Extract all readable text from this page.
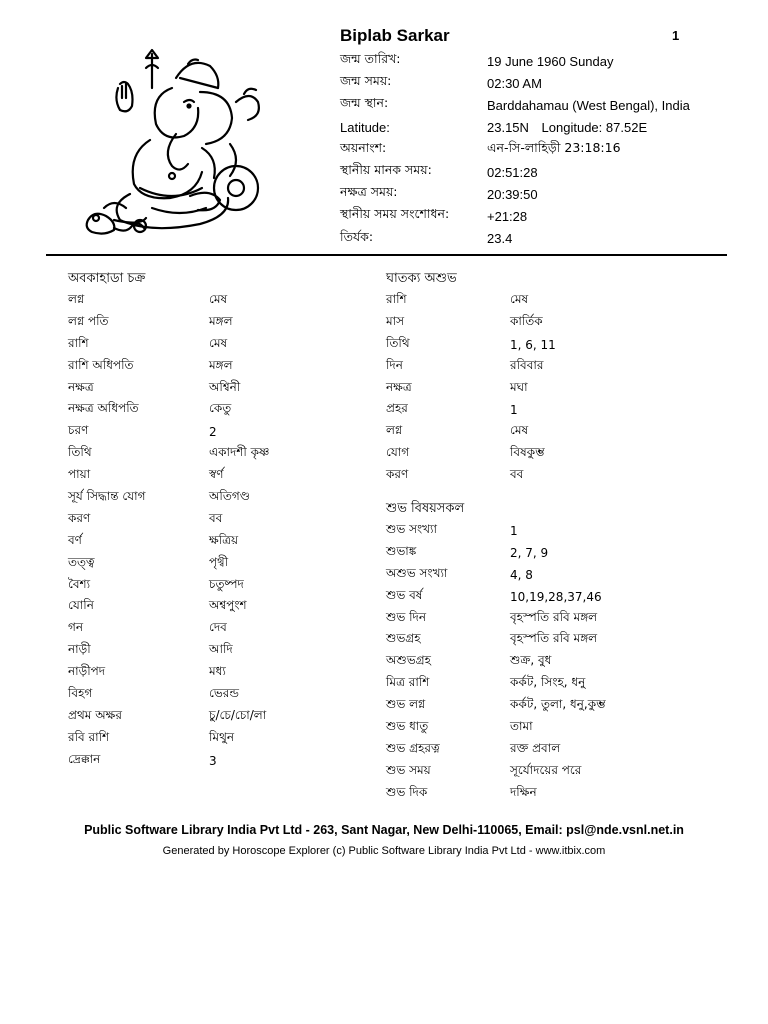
Biplab Sarkar	1
জন্ম তারিখ:	19 June 1960 Sunday
জন্ম সময়:	02:30 AM
জন্ম স্থান:	Barddahamau (West Bengal), India
Latitude:	23.15N Longitude: 87.52E
অয়নাংশ:	এন-সি-লাহিড়ী 23:18:16
স্থানীয় মানক সময়:	02:51:28
নক্ষত্র সময়:	20:39:50
স্থানীয় সময় সংশোধন:	+21:28
তির্যক:	23.4
অবকাহাডা চক্র
লগ্ন	মেষ
লগ্ন পতি	মঙ্গল
রাশি	মেষ
রাশি অধিপতি	মঙ্গল
নক্ষত্র	অশ্বিনী
নক্ষত্র অধিপতি	কেতু
চরণ	2
তিথি	একাদশী কৃষ্ণ
পায়া	স্বর্ণ
সূর্য সিদ্ধান্ত যোগ	অতিগণ্ড
করণ	বব
বর্ণ	ক্ষত্রিয়
তত্ত্ব	পৃথ্বী
বৈশ্য	চতুষ্পদ
যোনি	অশ্বপুংশ
গন	দেব
নাড়ী	আদি
নাড়ীপদ	মধ্য
বিহগ	ভেরন্ড
প্রথম অক্ষর	চু/চে/চো/লা
রবি রাশি	মিথুন
দ্রেক্কান	3
ঘাতক্য অশুভ
রাশি	মেষ
মাস	কার্তিক
তিথি	1, 6, 11
দিন	রবিবার
নক্ষত্র	মঘা
প্রহর	1
লগ্ন	মেষ
যোগ	বিষকুম্ভ
করণ	বব
শুভ বিষয়সকল
শুভ সংখ্যা	1
শুভাঙ্ক	2, 7, 9
অশুভ সংখ্যা	4, 8
শুভ বর্ষ	10,19,28,37,46
শুভ দিন	বৃহস্পতি রবি মঙ্গল
শুভগ্রহ	বৃহস্পতি রবি মঙ্গল
অশুভগ্রহ	শুক্র, বুধ
মিত্র রাশি	কর্কট, সিংহ, ধনু
শুভ লগ্ন	কর্কট, তুলা, ধনু,কুম্ভ
শুভ ধাতু	তামা
শুভ গ্রহরত্ন	রক্ত প্রবাল
শুভ সময়	সূর্যোদয়ের পরে
শুভ দিক	দক্ষিন
Public Software Library India Pvt Ltd - 263, Sant Nagar, New Delhi-110065, Email: psl@nde.vsnl.net.in
Generated by Horoscope Explorer (c) Public Software Library India Pvt Ltd - www.itbix.com
